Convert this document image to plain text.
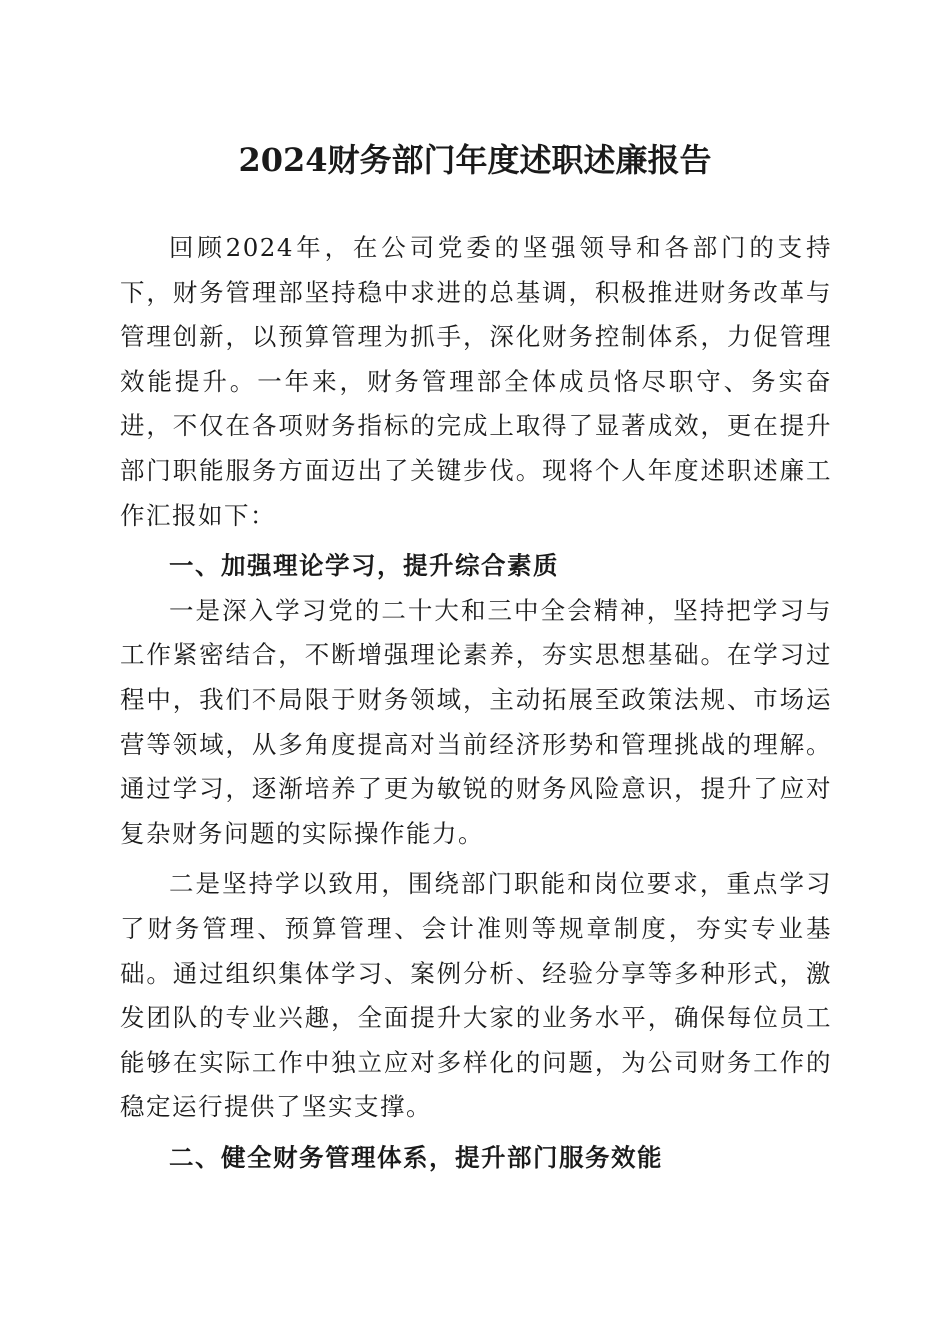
2024财务部门年度述职述廉报告

回顾2024年，在公司党委的坚强领导和各部门的支持下，财务管理部坚持稳中求进的总基调，积极推进财务改革与管理创新，以预算管理为抓手，深化财务控制体系，力促管理效能提升。一年来，财务管理部全体成员恪尽职守、务实奋进，不仅在各项财务指标的完成上取得了显著成效，更在提升部门职能服务方面迈出了关键步伐。现将个人年度述职述廉工作汇报如下：

一、加强理论学习，提升综合素质

一是深入学习党的二十大和三中全会精神，坚持把学习与工作紧密结合，不断增强理论素养，夯实思想基础。在学习过程中，我们不局限于财务领域，主动拓展至政策法规、市场运营等领域，从多角度提高对当前经济形势和管理挑战的理解。通过学习，逐渐培养了更为敏锐的财务风险意识，提升了应对复杂财务问题的实际操作能力。

二是坚持学以致用，围绕部门职能和岗位要求，重点学习了财务管理、预算管理、会计准则等规章制度，夯实专业基础。通过组织集体学习、案例分析、经验分享等多种形式，激发团队的专业兴趣，全面提升大家的业务水平，确保每位员工能够在实际工作中独立应对多样化的问题，为公司财务工作的稳定运行提供了坚实支撑。

二、健全财务管理体系，提升部门服务效能
